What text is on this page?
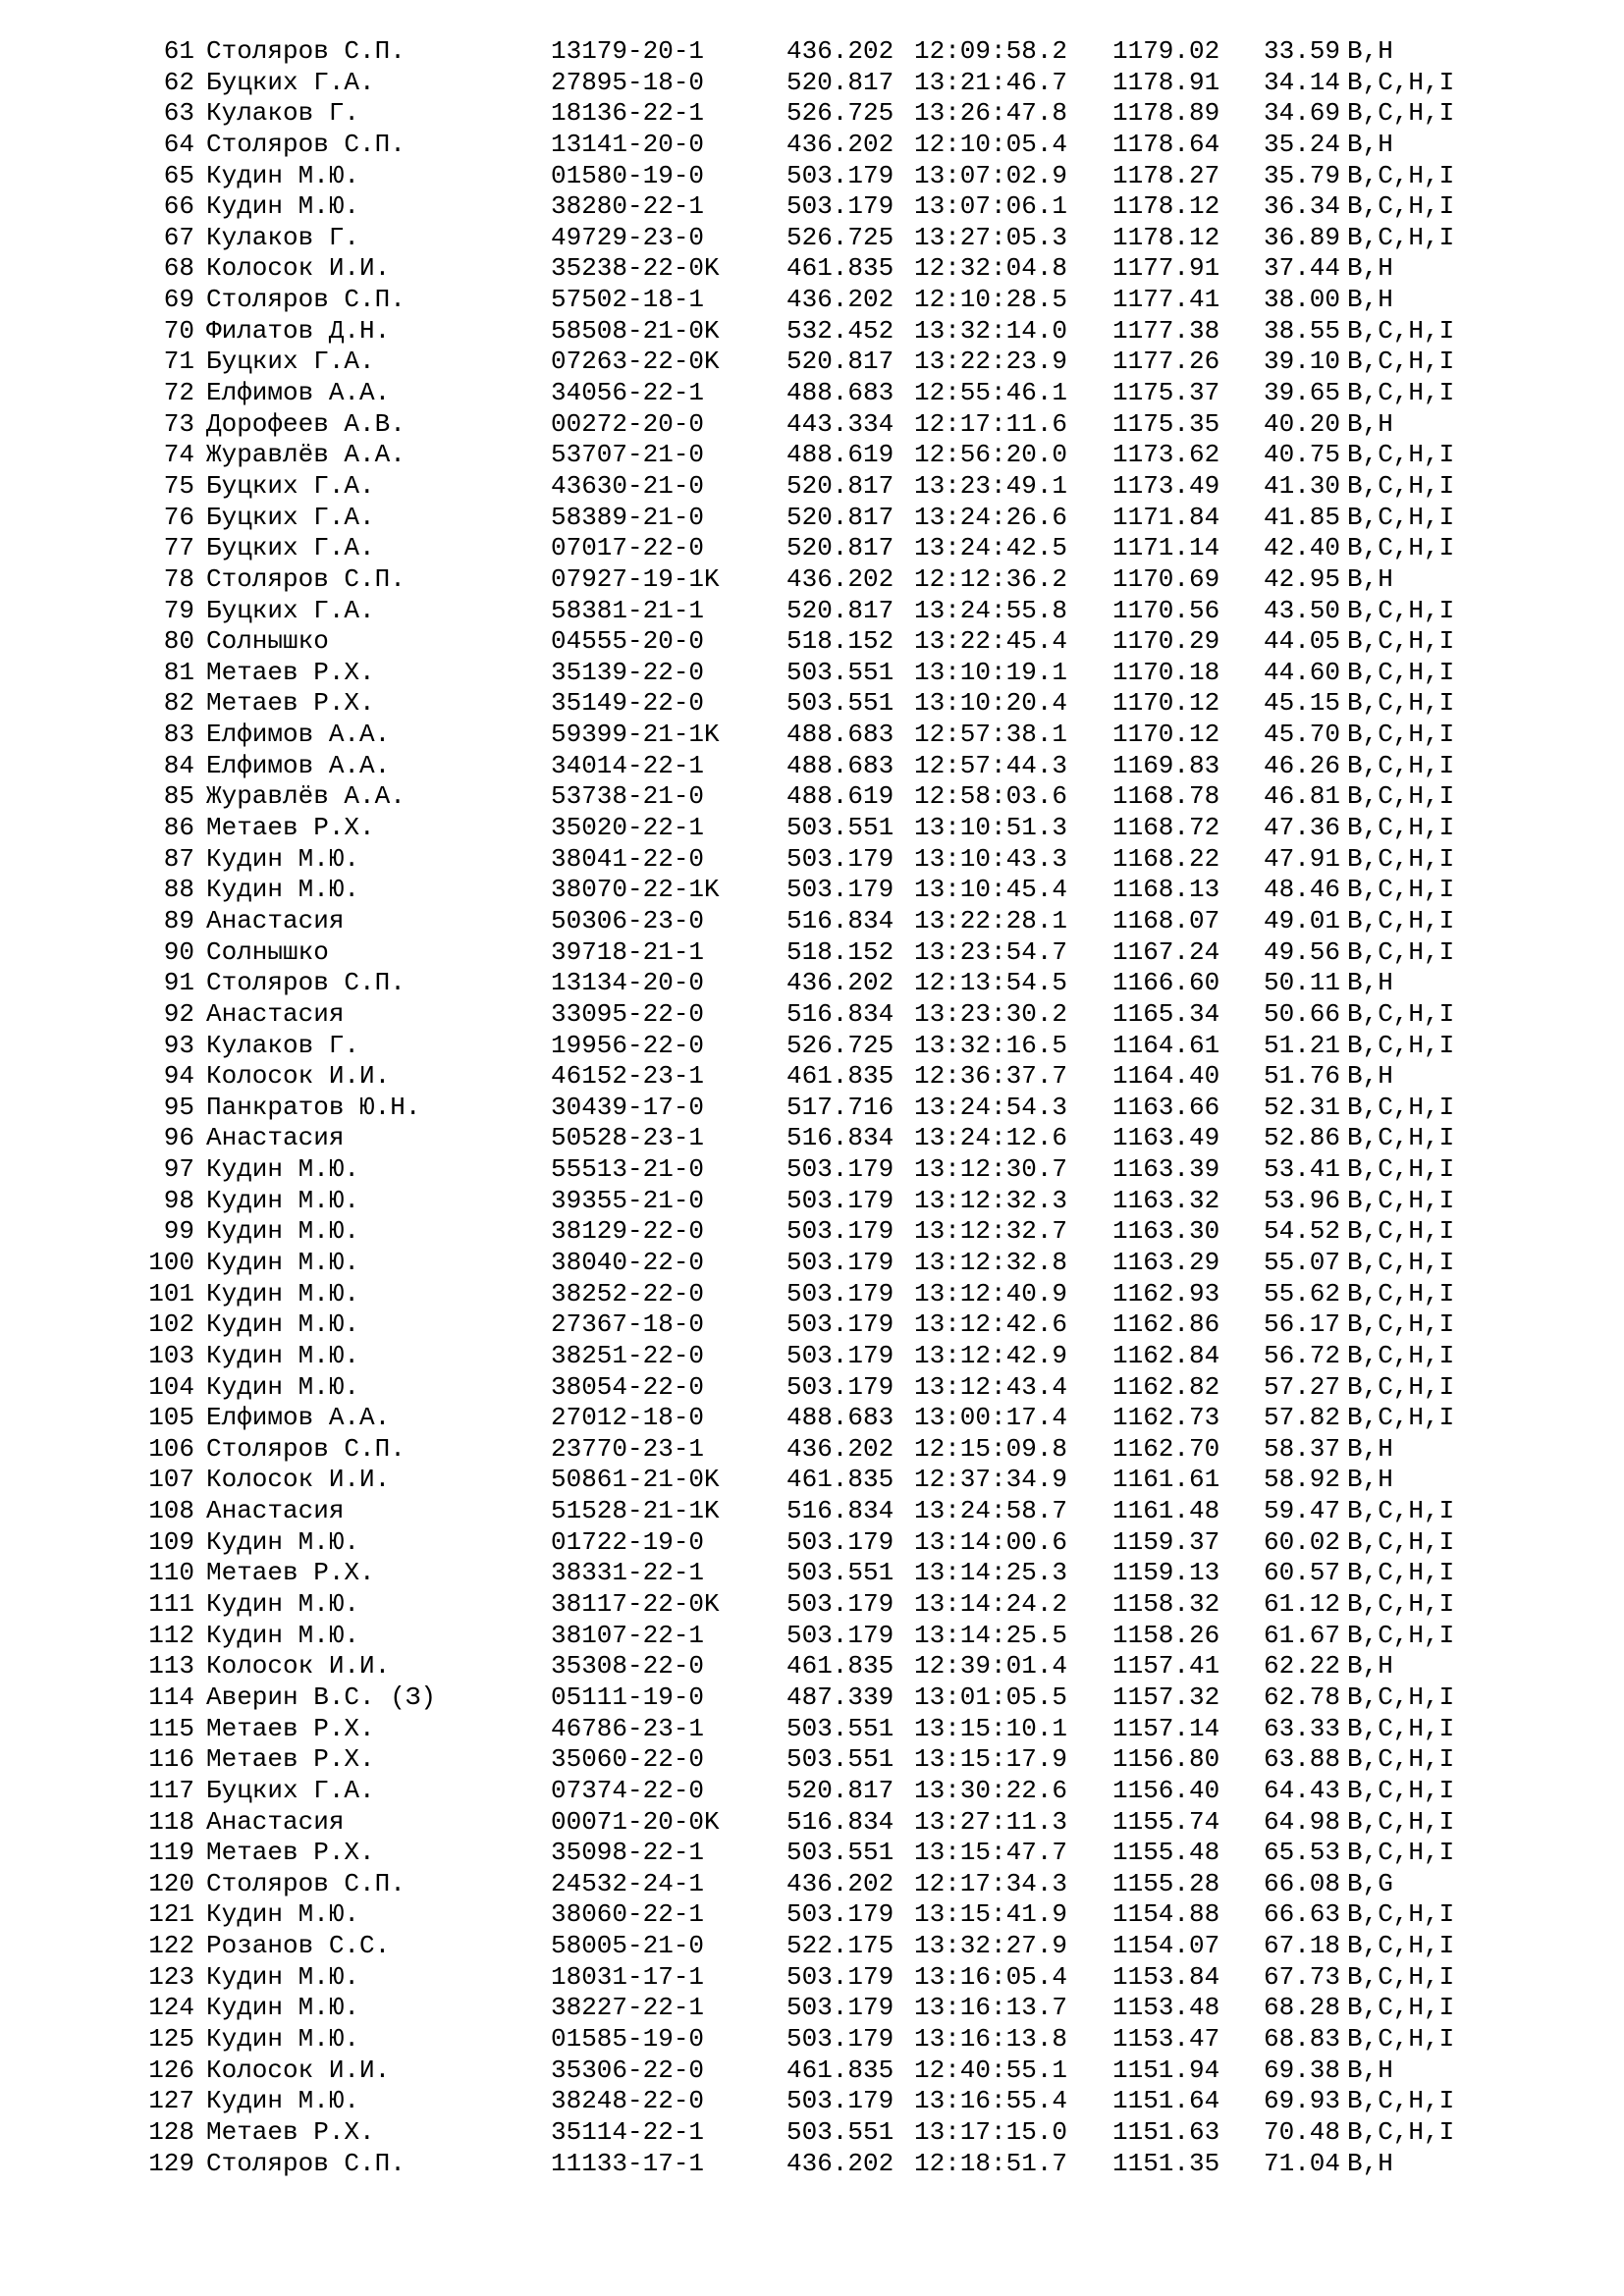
61 Столяров С.П.	13179-20-1	436.202 12:09:58.2 1179.02 33.59 B,H
62 Буцких Г.А.	27895-18-0	520.817 13:21:46.7 1178.91 34.14 B,C,H,I
63 Кулаков Г.	18136-22-1	526.725 13:26:47.8 1178.89 34.69 B,C,H,I
64 Столяров С.П.	13141-20-0	436.202 12:10:05.4 1178.64 35.24 B,H
65 Кудин М.Ю.	01580-19-0	503.179 13:07:02.9 1178.27 35.79 B,C,H,I
66 Кудин М.Ю.	38280-22-1	503.179 13:07:06.1 1178.12 36.34 B,C,H,I
67 Кулаков Г.	49729-23-0	526.725 13:27:05.3 1178.12 36.89 B,C,H,I
68 Колосок И.И.	35238-22-0K	461.835 12:32:04.8 1177.91 37.44 B,H
69 Столяров С.П.	57502-18-1	436.202 12:10:28.5 1177.41 38.00 B,H
70 Филатов Д.Н.	58508-21-0K	532.452 13:32:14.0 1177.38 38.55 B,C,H,I
71 Буцких Г.А.	07263-22-0K	520.817 13:22:23.9 1177.26 39.10 B,C,H,I
72 Елфимов А.А.	34056-22-1	488.683 12:55:46.1 1175.37 39.65 B,C,H,I
73 Дорофеев А.В.	00272-20-0	443.334 12:17:11.6 1175.35 40.20 B,H
74 Журавлёв А.А.	53707-21-0	488.619 12:56:20.0 1173.62 40.75 B,C,H,I
75 Буцких Г.А.	43630-21-0	520.817 13:23:49.1 1173.49 41.30 B,C,H,I
76 Буцких Г.А.	58389-21-0	520.817 13:24:26.6 1171.84 41.85 B,C,H,I
77 Буцких Г.А.	07017-22-0	520.817 13:24:42.5 1171.14 42.40 B,C,H,I
78 Столяров С.П.	07927-19-1K	436.202 12:12:36.2 1170.69 42.95 B,H
79 Буцких Г.А.	58381-21-1	520.817 13:24:55.8 1170.56 43.50 B,C,H,I
80 Солнышко	04555-20-0	518.152 13:22:45.4 1170.29 44.05 B,C,H,I
81 Метаев Р.Х.	35139-22-0	503.551 13:10:19.1 1170.18 44.60 B,C,H,I
82 Метаев Р.Х.	35149-22-0	503.551 13:10:20.4 1170.12 45.15 B,C,H,I
83 Елфимов А.А.	59399-21-1K	488.683 12:57:38.1 1170.12 45.70 B,C,H,I
84 Елфимов А.А.	34014-22-1	488.683 12:57:44.3 1169.83 46.26 B,C,H,I
85 Журавлёв А.А.	53738-21-0	488.619 12:58:03.6 1168.78 46.81 B,C,H,I
86 Метаев Р.Х.	35020-22-1	503.551 13:10:51.3 1168.72 47.36 B,C,H,I
87 Кудин М.Ю.	38041-22-0	503.179 13:10:43.3 1168.22 47.91 B,C,H,I
88 Кудин М.Ю.	38070-22-1K	503.179 13:10:45.4 1168.13 48.46 B,C,H,I
89 Анастасия	50306-23-0	516.834 13:22:28.1 1168.07 49.01 B,C,H,I
90 Солнышко	39718-21-1	518.152 13:23:54.7 1167.24 49.56 B,C,H,I
91 Столяров С.П.	13134-20-0	436.202 12:13:54.5 1166.60 50.11 B,H
92 Анастасия	33095-22-0	516.834 13:23:30.2 1165.34 50.66 B,C,H,I
93 Кулаков Г.	19956-22-0	526.725 13:32:16.5 1164.61 51.21 B,C,H,I
94 Колосок И.И.	46152-23-1	461.835 12:36:37.7 1164.40 51.76 B,H
95 Панкратов Ю.Н.	30439-17-0	517.716 13:24:54.3 1163.66 52.31 B,C,H,I
96 Анастасия	50528-23-1	516.834 13:24:12.6 1163.49 52.86 B,C,H,I
97 Кудин М.Ю.	55513-21-0	503.179 13:12:30.7 1163.39 53.41 B,C,H,I
98 Кудин М.Ю.	39355-21-0	503.179 13:12:32.3 1163.32 53.96 B,C,H,I
99 Кудин М.Ю.	38129-22-0	503.179 13:12:32.7 1163.30 54.52 B,C,H,I
100 Кудин М.Ю.	38040-22-0	503.179 13:12:32.8 1163.29 55.07 B,C,H,I
101 Кудин М.Ю.	38252-22-0	503.179 13:12:40.9 1162.93 55.62 B,C,H,I
102 Кудин М.Ю.	27367-18-0	503.179 13:12:42.6 1162.86 56.17 B,C,H,I
103 Кудин М.Ю.	38251-22-0	503.179 13:12:42.9 1162.84 56.72 B,C,H,I
104 Кудин М.Ю.	38054-22-0	503.179 13:12:43.4 1162.82 57.27 B,C,H,I
105 Елфимов А.А.	27012-18-0	488.683 13:00:17.4 1162.73 57.82 B,C,H,I
106 Столяров С.П.	23770-23-1	436.202 12:15:09.8 1162.70 58.37 B,H
107 Колосок И.И.	50861-21-0K	461.835 12:37:34.9 1161.61 58.92 B,H
108 Анастасия	51528-21-1K	516.834 13:24:58.7 1161.48 59.47 B,C,H,I
109 Кудин М.Ю.	01722-19-0	503.179 13:14:00.6 1159.37 60.02 B,C,H,I
110 Метаев Р.Х.	38331-22-1	503.551 13:14:25.3 1159.13 60.57 B,C,H,I
111 Кудин М.Ю.	38117-22-0K	503.179 13:14:24.2 1158.32 61.12 B,C,H,I
112 Кудин М.Ю.	38107-22-1	503.179 13:14:25.5 1158.26 61.67 B,C,H,I
113 Колосок И.И.	35308-22-0	461.835 12:39:01.4 1157.41 62.22 B,H
114 Аверин В.С. (З)	05111-19-0	487.339 13:01:05.5 1157.32 62.78 B,C,H,I
115 Метаев Р.Х.	46786-23-1	503.551 13:15:10.1 1157.14 63.33 B,C,H,I
116 Метаев Р.Х.	35060-22-0	503.551 13:15:17.9 1156.80 63.88 B,C,H,I
117 Буцких Г.А.	07374-22-0	520.817 13:30:22.6 1156.40 64.43 B,C,H,I
118 Анастасия	00071-20-0K	516.834 13:27:11.3 1155.74 64.98 B,C,H,I
119 Метаев Р.Х.	35098-22-1	503.551 13:15:47.7 1155.48 65.53 B,C,H,I
120 Столяров С.П.	24532-24-1	436.202 12:17:34.3 1155.28 66.08 B,G
121 Кудин М.Ю.	38060-22-1	503.179 13:15:41.9 1154.88 66.63 B,C,H,I
122 Розанов С.С.	58005-21-0	522.175 13:32:27.9 1154.07 67.18 B,C,H,I
123 Кудин М.Ю.	18031-17-1	503.179 13:16:05.4 1153.84 67.73 B,C,H,I
124 Кудин М.Ю.	38227-22-1	503.179 13:16:13.7 1153.48 68.28 B,C,H,I
125 Кудин М.Ю.	01585-19-0	503.179 13:16:13.8 1153.47 68.83 B,C,H,I
126 Колосок И.И.	35306-22-0	461.835 12:40:55.1 1151.94 69.38 B,H
127 Кудин М.Ю.	38248-22-0	503.179 13:16:55.4 1151.64 69.93 B,C,H,I
128 Метаев Р.Х.	35114-22-1	503.551 13:17:15.0 1151.63 70.48 B,C,H,I
129 Столяров С.П.	11133-17-1	436.202 12:18:51.7 1151.35 71.04 B,H
